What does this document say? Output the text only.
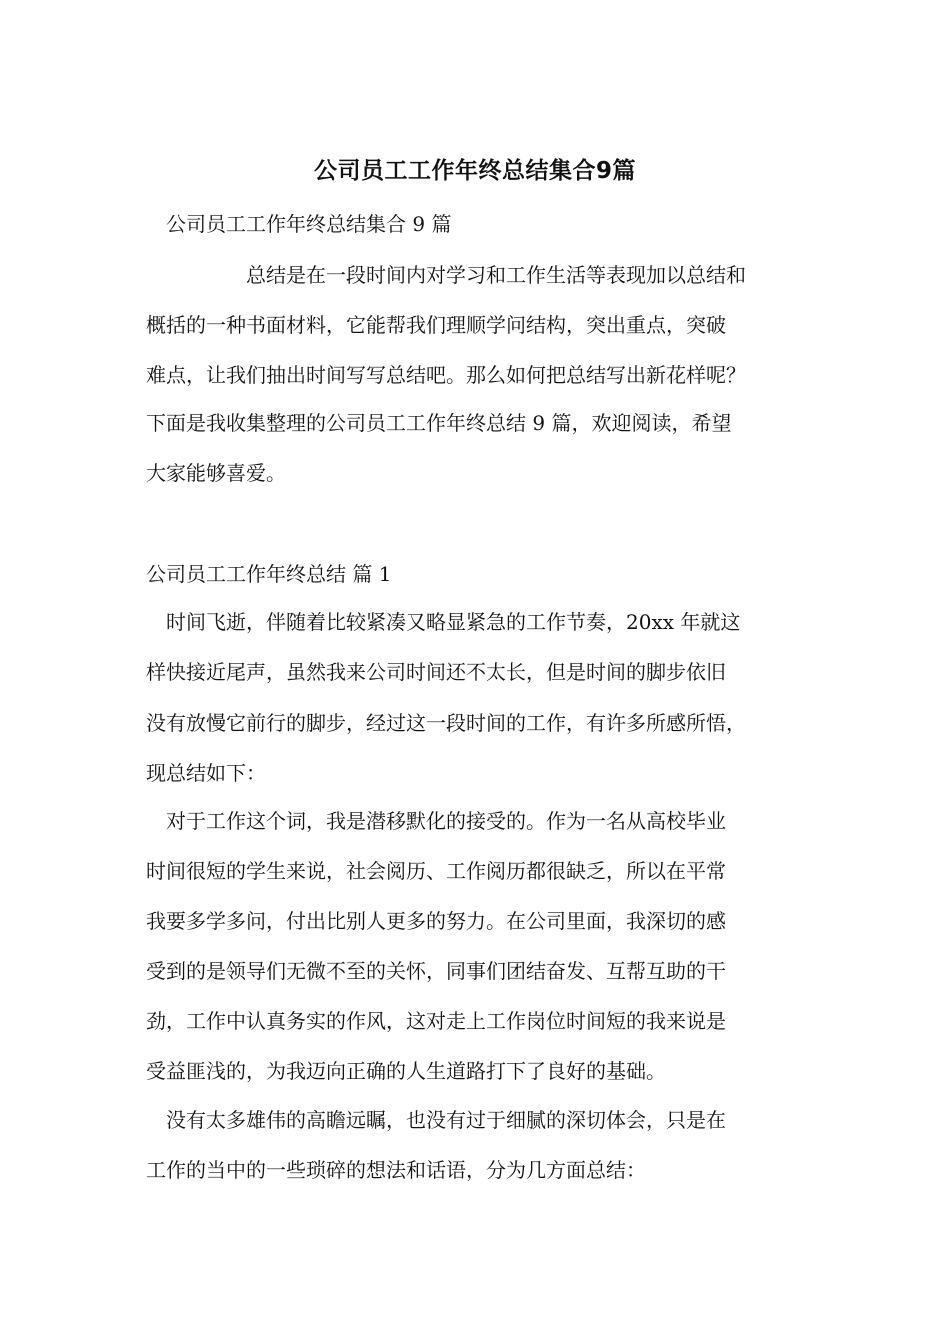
公司员工工作年终总结集合9篇
公司员工工作年终总结集合 9 篇
总结是在一段时间内对学习和工作生活等表现加以总结和
概括的一种书面材料，它能帮我们理顺学问结构，突出重点，突破
难点，让我们抽出时间写写总结吧。那么如何把总结写出新花样呢？
下面是我收集整理的公司员工工作年终总结 9 篇，欢迎阅读，希望
大家能够喜爱。
公司员工工作年终总结 篇 1
时间飞逝，伴随着比较紧凑又略显紧急的工作节奏，20xx 年就这
样快接近尾声，虽然我来公司时间还不太长，但是时间的脚步依旧
没有放慢它前行的脚步，经过这一段时间的工作，有许多所感所悟，
现总结如下：
对于工作这个词，我是潜移默化的接受的。作为一名从高校毕业
时间很短的学生来说，社会阅历、工作阅历都很缺乏，所以在平常
我要多学多问，付出比别人更多的努力。在公司里面，我深切的感
受到的是领导们无微不至的关怀，同事们团结奋发、互帮互助的干
劲，工作中认真务实的作风，这对走上工作岗位时间短的我来说是
受益匪浅的，为我迈向正确的人生道路打下了良好的基础。
没有太多雄伟的高瞻远瞩，也没有过于细腻的深切体会，只是在
工作的当中的一些琐碎的想法和话语，分为几方面总结：
